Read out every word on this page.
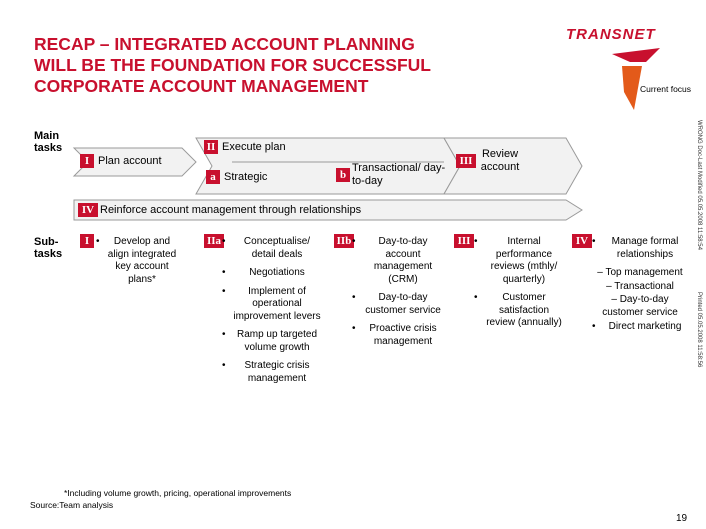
RECAP – INTEGRATED ACCOUNT PLANNING
WILL BE THE FOUNDATION FOR SUCCESSFUL
CORPORATE ACCOUNT MANAGEMENT
TRANSNET
Current focus
Main tasks
Sub-tasks
I Plan account
II Execute plan
a Strategic	b
Transactional/ day-to-day
III
Review account
IV Reinforce account management through relationships
I • Develop and align integrated key account plans*
IIa • Conceptualise/ detail deals
• Negotiations
• Implement of operational improvement levers
• Ramp up targeted volume growth
• Strategic crisis management
IIb • Day-to-day account management (CRM)
• Day-to-day customer service
• Proactive crisis management
III •	Internal performance reviews (mthly/ quarterly)
• Customer satisfaction review (annually)
IV • Manage formal relationships
– Top management
– Transactional
– Day-to-day customer service
• Direct marketing
WRONG Doc-Last Modified 05.05.2008 11:58:54
Printed 05.05.2008 11:58:56
*Including volume growth, pricing, operational improvements
Source:Team analysis
19
